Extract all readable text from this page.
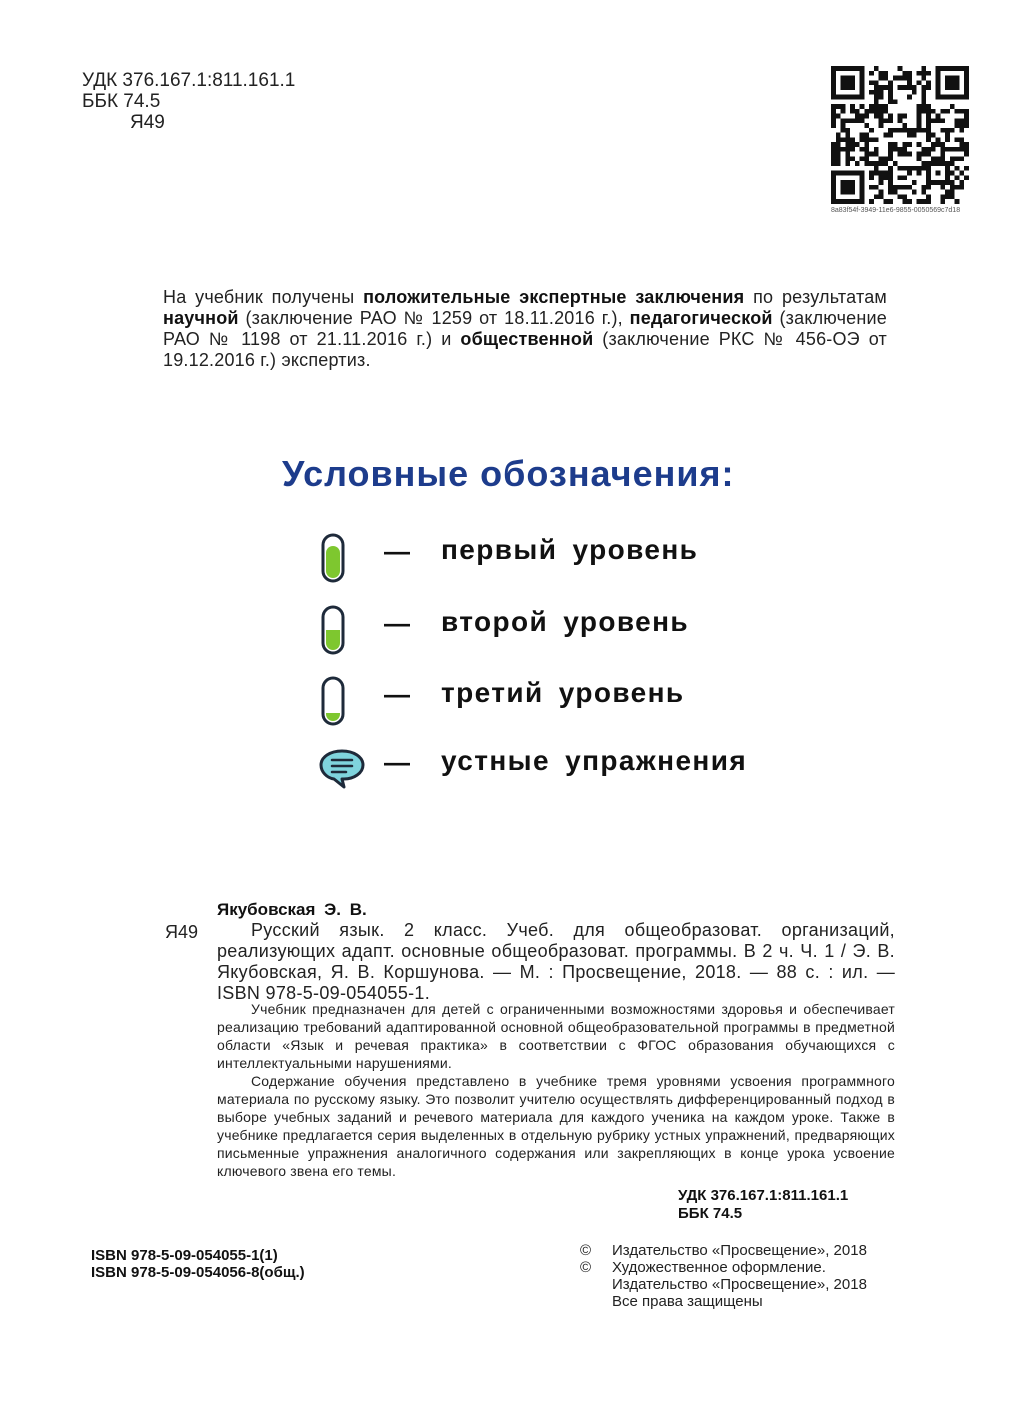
УДК 376.167.1:811.161.1
ББК 74.5
Я49
8a83f54f-3949-11e6-9855-0050569c7d18
На учебник получены положительные экспертные заключения по результатам научной (заключение РАО № 1259 от 18.11.2016 г.), педагогической (заключение РАО № 1198 от 21.11.2016 г.) и общественной (заключение РКС № 456-ОЭ от 19.12.2016 г.) экспертиз.
Условные обозначения:
— первый уровень
— второй уровень
— третий уровень
— устные упражнения
Якубовская Э. В.
Я49	Русский язык. 2 класс. Учеб. для общеобразоват. организаций, реализующих адапт. основные общеобразоват. программы. В 2 ч. Ч. 1 / Э. В. Якубовская, Я. В. Коршунова. — М. : Просвещение, 2018. — 88 с. : ил. — ISBN 978-5-09-054055-1.

Учебник предназначен для детей с ограниченными возможностями здоровья и обеспечивает реализацию требований адаптированной основной общеобразовательной программы в предметной области «Язык и речевая практика» в соответствии с ФГОС образования обучающихся с интеллектуальными нарушениями.

Содержание обучения представлено в учебнике тремя уровнями усвоения программного материала по русскому языку. Это позволит учителю осуществлять дифференцированный подход в выборе учебных заданий и речевого материала для каждого ученика на каждом уроке. Также в учебнике предлагается серия выделенных в отдельную рубрику устных упражнений, предваряющих письменные упражнения аналогичного содержания или закрепляющих в конце урока усвоение ключевого звена его темы.

УДК 376.167.1:811.161.1
ББК 74.5
ISBN 978-5-09-054055-1(1)
ISBN 978-5-09-054056-8(общ.)
© Издательство «Просвещение», 2018
© Художественное оформление.
Издательство «Просвещение», 2018
Все права защищены
